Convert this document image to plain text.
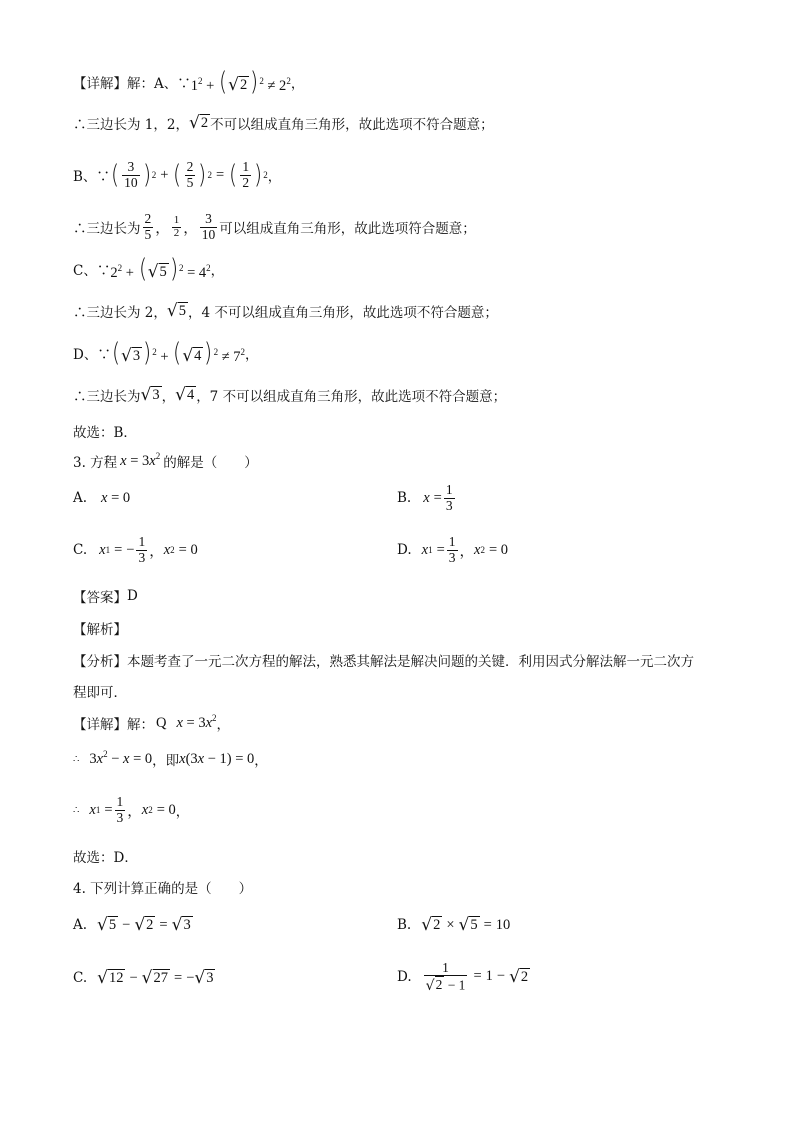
【详解】 解：A、∵ $1^2$ + ( √ 2 )$^2 \ne 2^2$ ，
∴三边长为 1，2， √ 2 不可以组成直角三角形，故此选项不符合题意；
B、∵ ( $\frac{3}{10}$ ) 2 + ( $\frac{2}{5}$ ) 2 = ( $\frac{1}{2}$ ) 2 ，
∴三边长为 $\frac{2}{5}$ ， $\frac{1}{2}$ ， $\frac{3}{10}$ 可以组成直角三角形，故此选项符合题意；
C、∵ $2^2$ + ( √ 5 )$^2 = 4^2$ ，
∴三边长为 2， √ 5 ，4 不可以组成直角三角形，故此选项不符合题意；
D、∵ ( √ 3 )$^2$ + ( √ 4 )$^2 \ne 7^2$ ，
∴三边长为 √ 3 ， √ 4 ，7 不可以组成直角三角形，故此选项不符合题意；
故选：B．
3. 方程 $x = 3x^2$ 的解是（　　）
A. x = 0	B. $x = \frac{1}{3}$
C. x 1 = − $\frac{1}{3}$ ， x 2 = 0	D. x $1 = \frac{1}{3}$ ， x 2 = 0
【答案】 D
【解析】
【分析】 本题考查了一元二次方程的解法，熟悉其解法是解决问题的关键．利用因式分解法解一元二次方
程即可．
【详解】 解： Q $x = 3x^2$ ，
∴ $3x^2 - x = 0$ ，即 x(3x − 1) = 0 ，
∴ x $1 = \frac{1}{3}$ ， x 2 = 0 ，
故选：D．
4. 下列计算正确的是（　　）
A. √ 5 − √ 2 = √ 3	B. √ 2 × √ 5 = 10
C. √ 12 − √ 27 = − √ 3	D. $\frac{1}{√ 2 - 1} = 1$ − √ 2
